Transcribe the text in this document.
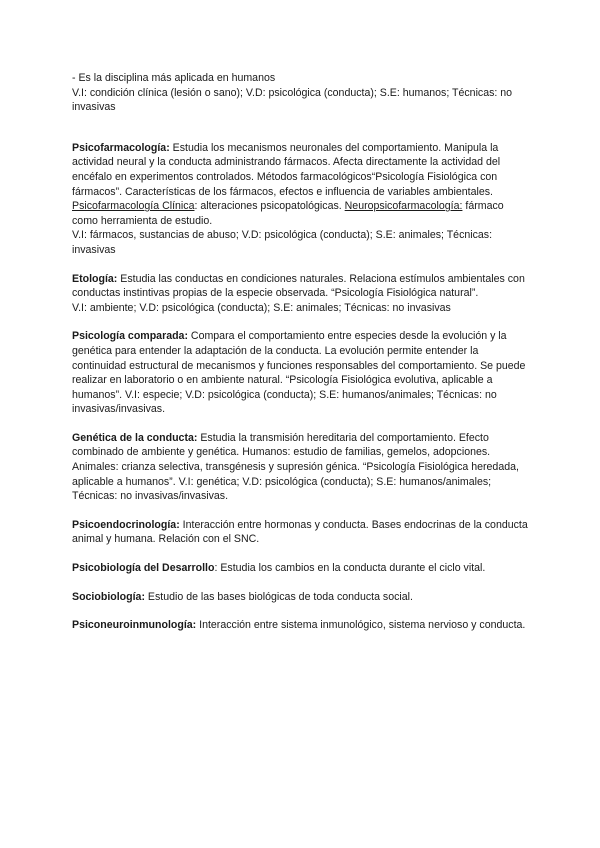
- Es la disciplina más aplicada en humanos

V.I: condición clínica (lesión o sano); V.D: psicológica (conducta); S.E: humanos; Técnicas: no invasivas

Psicofarmacología: Estudia los mecanismos neuronales del comportamiento. Manipula la actividad neural y la conducta administrando fármacos. Afecta directamente la actividad del encéfalo en experimentos controlados. Métodos farmacológicos“Psicología Fisiológica con fármacos”. Características de los fármacos, efectos e influencia de variables ambientales. Psicofarmacología Clínica: alteraciones psicopatológicas. Neuropsicofarmacología: fármaco como herramienta de estudio.

V.I: fármacos, sustancias de abuso; V.D: psicológica (conducta); S.E: animales; Técnicas: invasivas

Etología: Estudia las conductas en condiciones naturales. Relaciona estímulos ambientales con conductas instintivas propias de la especie observada. “Psicología Fisiológica natural”.

V.I: ambiente; V.D: psicológica (conducta); S.E: animales; Técnicas: no invasivas

Psicología comparada: Compara el comportamiento entre especies desde la evolución y la genética para entender la adaptación de la conducta. La evolución permite entender la continuidad estructural de mecanismos y funciones responsables del comportamiento. Se puede realizar en laboratorio o en ambiente natural. “Psicología Fisiológica evolutiva, aplicable a humanos”. V.I: especie; V.D: psicológica (conducta); S.E: humanos/animales; Técnicas: no invasivas/invasivas.

Genética de la conducta: Estudia la transmisión hereditaria del comportamiento. Efecto combinado de ambiente y genética. Humanos: estudio de familias, gemelos, adopciones. Animales: crianza selectiva, transgénesis y supresión génica. “Psicología Fisiológica heredada, aplicable a humanos”. V.I: genética; V.D: psicológica (conducta); S.E: humanos/animales; Técnicas: no invasivas/invasivas.

Psicoendocrinología: Interacción entre hormonas y conducta. Bases endocrinas de la conducta animal y humana. Relación con el SNC.

Psicobiología del Desarrollo: Estudia los cambios en la conducta durante el ciclo vital.

Sociobiología: Estudio de las bases biológicas de toda conducta social.

Psiconeuroinmunología: Interacción entre sistema inmunológico, sistema nervioso y conducta.
